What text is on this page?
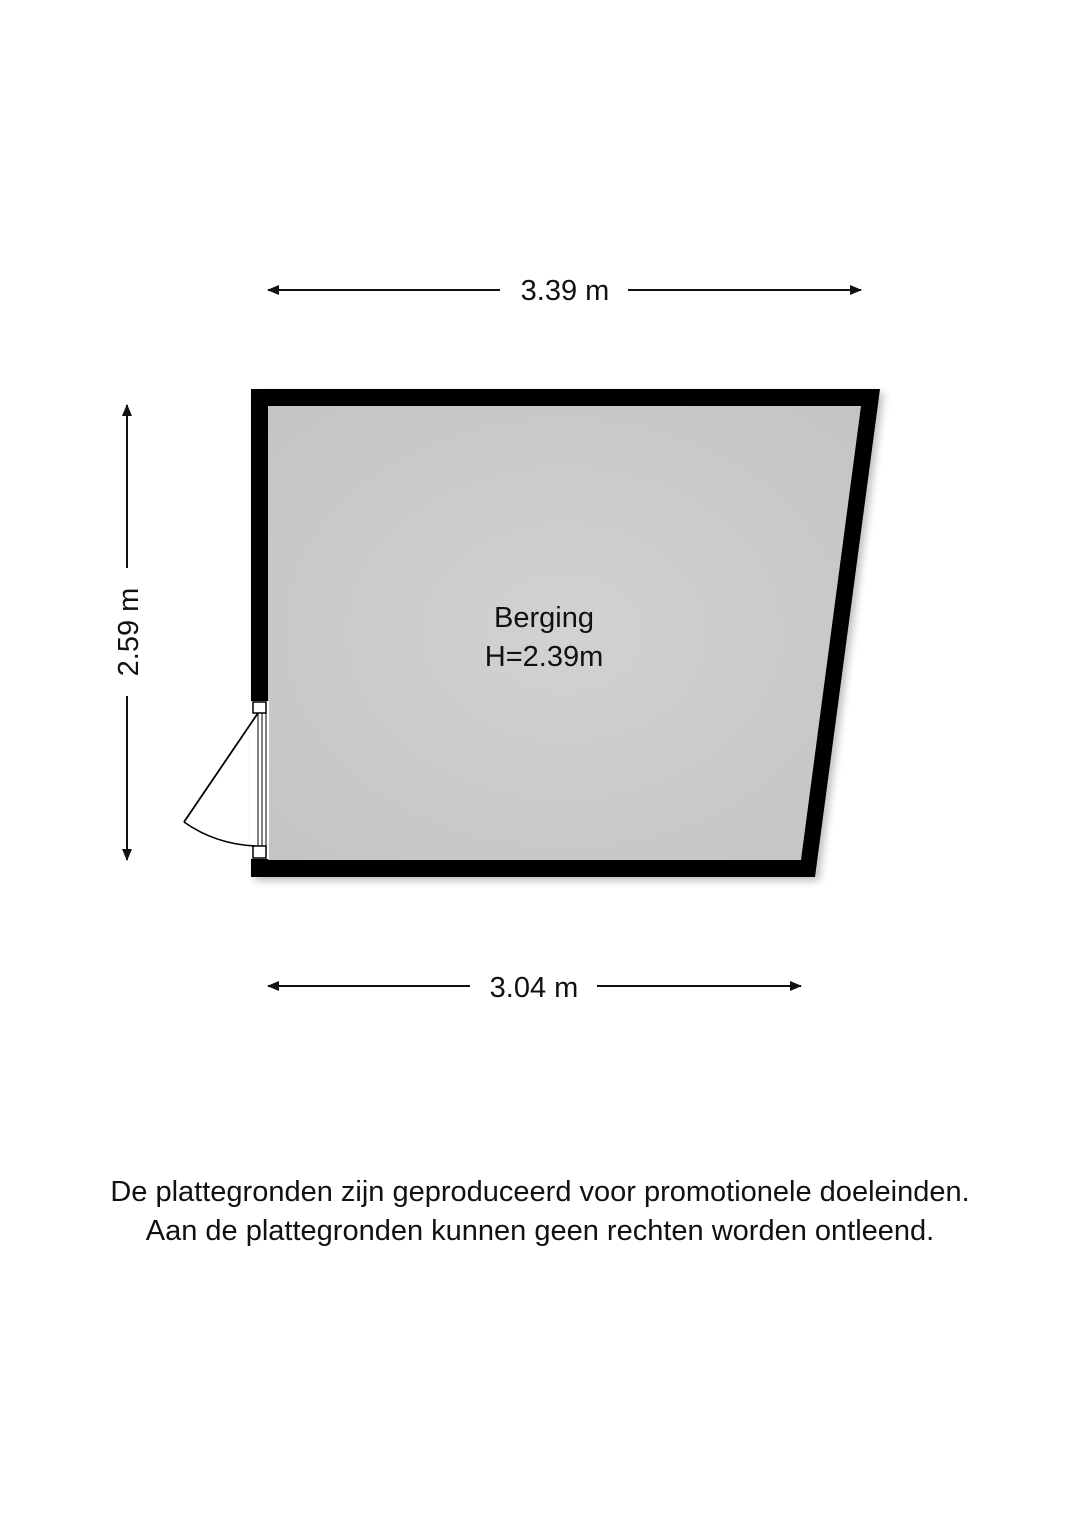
3.39 m
2.59 m
3.04 m
Berging
H=2.39m
De plattegronden zijn geproduceerd voor promotionele doeleinden.
Aan de plattegronden kunnen geen rechten worden ontleend.
